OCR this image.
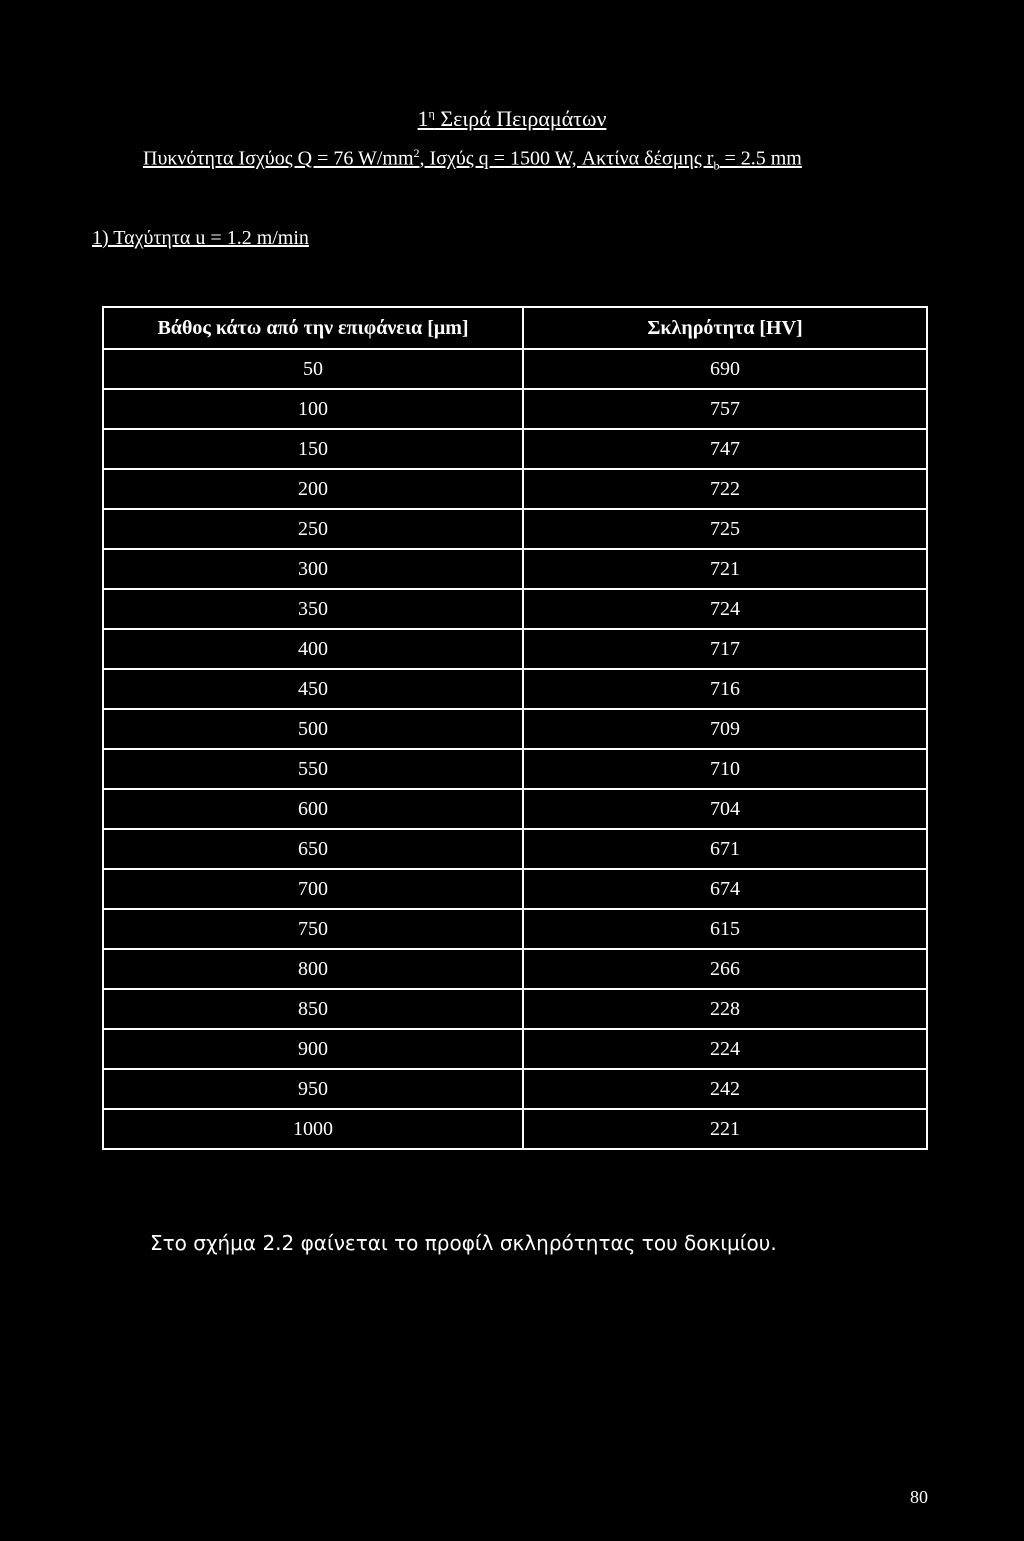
$1^\eta$ Σειρά Πειραμάτων
Πυκνότητα Ισχύος Q = 76 $W/mm^2$, Ισχύς q = 1500 W, Ακτίνα δέσμης $r_b = 2.5$ mm
1) Ταχύτητα u = 1.2 m/min
Βάθος κάτω από την επιφάνεια [μm]	Σκληρότητα [HV]
50	690
100	757
150	747
200	722
250	725
300	721
350	724
400	717
450	716
500	709
550	710
600	704
650	671
700	674
750	615
800	266
850	228
900	224
950	242
1000	221
Στο σχήμα 2.2 φαίνεται το προφίλ σκληρότητας του δοκιμίου.
80
